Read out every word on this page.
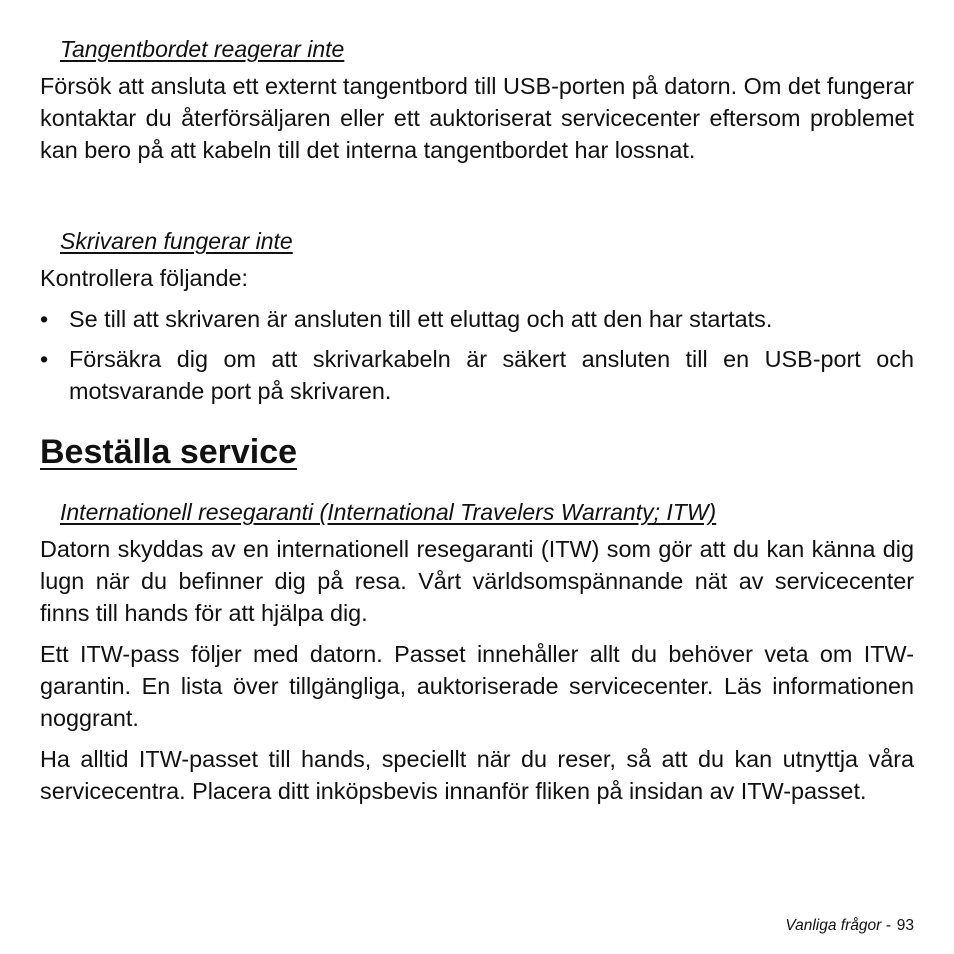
Tangentbordet reagerar inte

Försök att ansluta ett externt tangentbord till USB-porten på datorn. Om det fungerar kontaktar du återförsäljaren eller ett auktoriserat servicecenter eftersom problemet kan bero på att kabeln till det interna tangentbordet har lossnat.

Skrivaren fungerar inte

Kontrollera följande:

• Se till att skrivaren är ansluten till ett eluttag och att den har startats.
• Försäkra dig om att skrivarkabeln är säkert ansluten till en USB-port och motsvarande port på skrivaren.
Beställa service
Internationell resegaranti (International Travelers Warranty; ITW)

Datorn skyddas av en internationell resegaranti (ITW) som gör att du kan känna dig lugn när du befinner dig på resa. Vårt världsomspännande nät av servicecenter finns till hands för att hjälpa dig.

Ett ITW-pass följer med datorn. Passet innehåller allt du behöver veta om ITW-garantin. En lista över tillgängliga, auktoriserade servicecenter. Läs informationen noggrant.

Ha alltid ITW-passet till hands, speciellt när du reser, så att du kan utnyttja våra servicecentra. Placera ditt inköpsbevis innanför fliken på insidan av ITW-passet.

Vanliga frågor - 93
